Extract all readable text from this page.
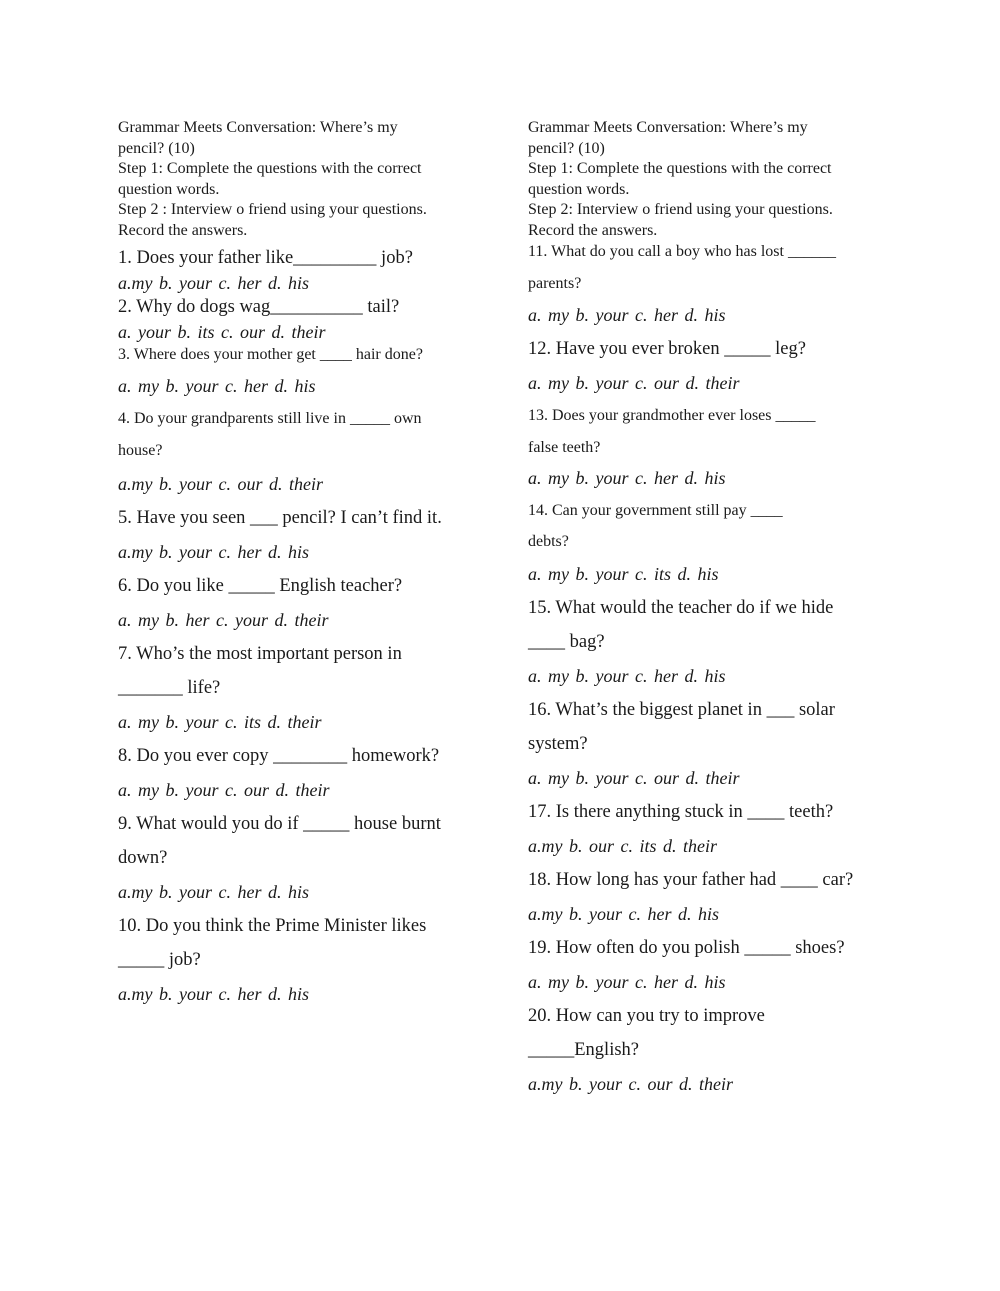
Grammar Meets Conversation: Where’s my

pencil? (10)

Step 1: Complete the questions with the correct

question words.

Step 2 : Interview o friend using your questions.

Record the answers.

1. Does your father like_________ job?

a.my b. your c. her d. his

2. Why do dogs wag__________ tail?

a. your b. its c. our d. their

3. Where does your mother get ____ hair done?

a. my b. your c. her d. his

4. Do your grandparents still live in _____ own

house?

a.my b. your c. our d. their

5. Have you seen ___ pencil? I can’t find it.

a.my b. your c. her d. his

6. Do you like _____ English teacher?

a. my b. her c. your d. their

7. Who’s the most important person in

_______ life?

a. my b. your c. its d. their

8. Do you ever copy ________ homework?

a. my b. your c. our d. their

9. What would you do if _____ house burnt

down?

a.my b. your c. her d. his

10. Do you think the Prime Minister likes

_____ job?

a.my b. your c. her d. his

Grammar Meets Conversation: Where’s my

pencil? (10)

Step 1: Complete the questions with the correct

question words.

Step 2: Interview o friend using your questions.

Record the answers.

11. What do you call a boy who has lost ______

parents?

a. my b. your c. her d. his

12. Have you ever broken _____ leg?

a. my b. your c. our d. their

13. Does your grandmother ever loses _____

false teeth?

a. my b. your c. her d. his

14. Can your government still pay ____

debts?

a. my b. your c. its d. his

15. What would the teacher do if we hide

____ bag?

a. my b. your c. her d. his

16. What’s the biggest planet in ___ solar

system?

a. my b. your c. our d. their

17. Is there anything stuck in ____ teeth?

a.my b. our c. its d. their

18. How long has your father had ____ car?

a.my b. your c. her d. his

19. How often do you polish _____ shoes?

a. my b. your c. her d. his

20. How can you try to improve

_____English?

a.my b. your c. our d. their
